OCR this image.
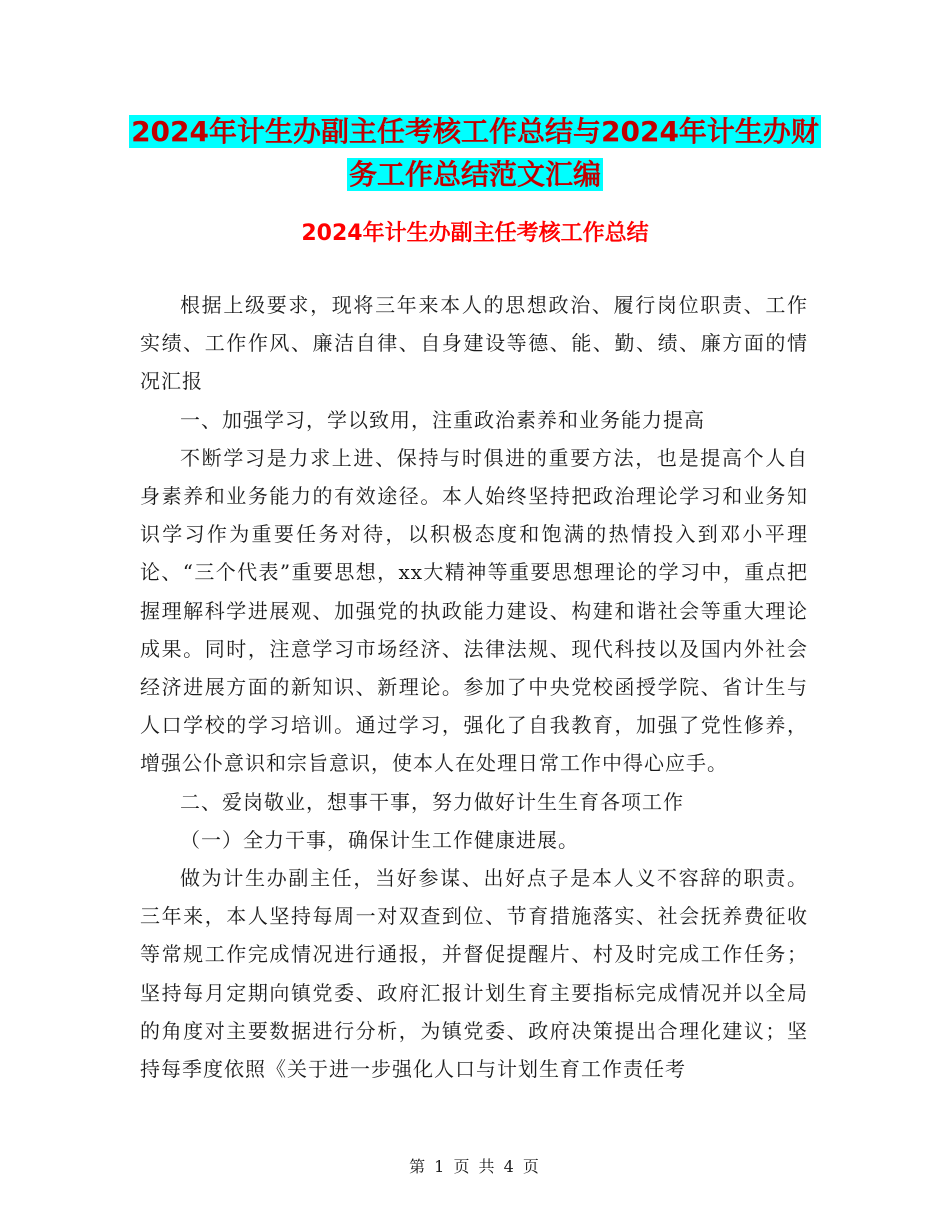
2024年计生办副主任考核工作总结与2024年计生办财
务工作总结范文汇编
2024年计生办副主任考核工作总结

根据上级要求，现将三年来本人的思想政治、履行岗位职责、工作实绩、工作作风、廉洁自律、自身建设等德、能、勤、绩、廉方面的情况汇报

一、加强学习，学以致用，注重政治素养和业务能力提高

不断学习是力求上进、保持与时俱进的重要方法，也是提高个人自身素养和业务能力的有效途径。本人始终坚持把政治理论学习和业务知识学习作为重要任务对待，以积极态度和饱满的热情投入到邓小平理论、“三个代表”重要思想，xx大精神等重要思想理论的学习中，重点把握理解科学进展观、加强党的执政能力建设、构建和谐社会等重大理论成果。同时，注意学习市场经济、法律法规、现代科技以及国内外社会经济进展方面的新知识、新理论。参加了中央党校函授学院、省计生与人口学校的学习培训。通过学习，强化了自我教育，加强了党性修养，增强公仆意识和宗旨意识，使本人在处理日常工作中得心应手。

二、爱岗敬业，想事干事，努力做好计生生育各项工作

（一）全力干事，确保计生工作健康进展。

做为计生办副主任，当好参谋、出好点子是本人义不容辞的职责。三年来，本人坚持每周一对双查到位、节育措施落实、社会抚养费征收等常规工作完成情况进行通报，并督促提醒片、村及时完成工作任务；坚持每月定期向镇党委、政府汇报计划生育主要指标完成情况并以全局的角度对主要数据进行分析，为镇党委、政府决策提出合理化建议；坚持每季度依照《关于进一步强化人口与计划生育工作责任考

第 1 页 共 4 页
